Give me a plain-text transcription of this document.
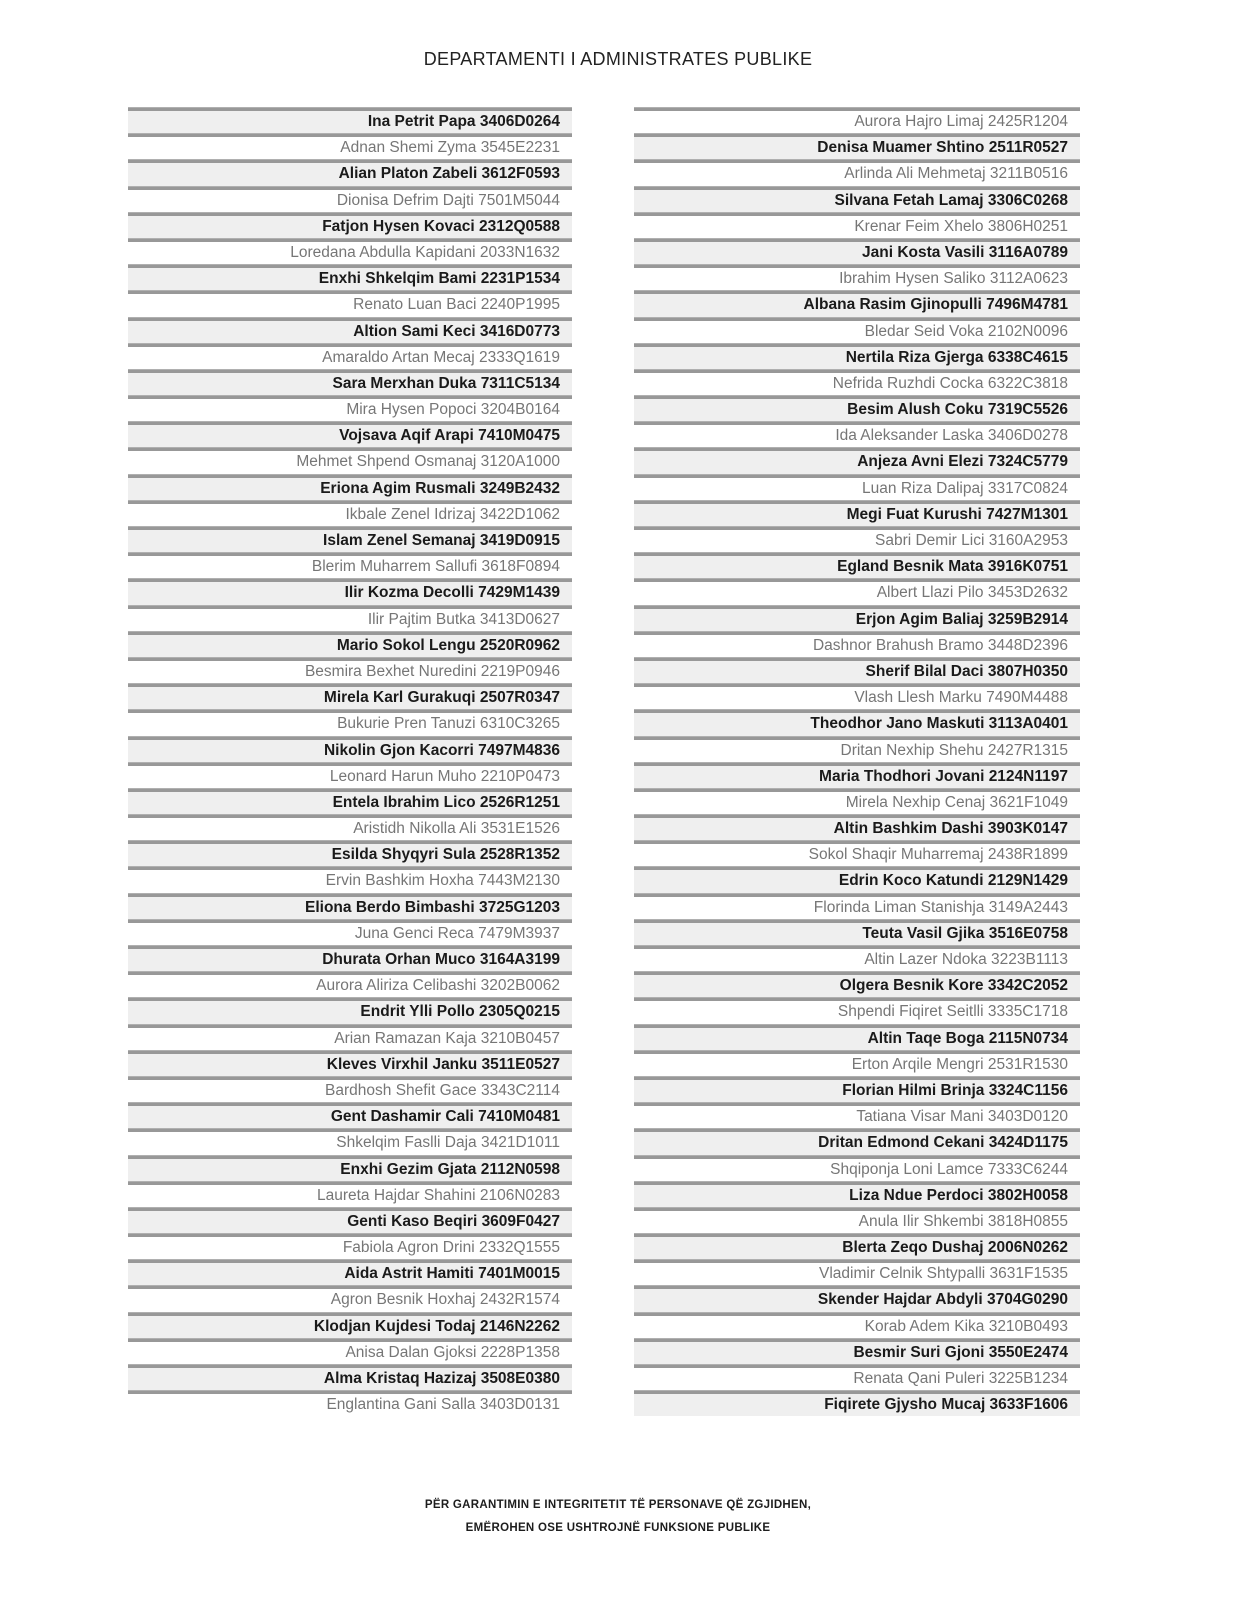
DEPARTAMENTI I ADMINISTRATES PUBLIKE
Ina Petrit Papa 3406D0264
Adnan Shemi Zyma 3545E2231
Alian Platon Zabeli 3612F0593
Dionisa Defrim Dajti 7501M5044
Fatjon Hysen Kovaci 2312Q0588
Loredana Abdulla Kapidani 2033N1632
Enxhi Shkelqim Bami 2231P1534
Renato Luan Baci 2240P1995
Altion Sami Keci 3416D0773
Amaraldo Artan Mecaj 2333Q1619
Sara Merxhan Duka 7311C5134
Mira Hysen Popoci 3204B0164
Vojsava Aqif Arapi 7410M0475
Mehmet Shpend Osmanaj 3120A1000
Eriona Agim Rusmali 3249B2432
Ikbale Zenel Idrizaj 3422D1062
Islam Zenel Semanaj 3419D0915
Blerim Muharrem Sallufi 3618F0894
Ilir Kozma Decolli 7429M1439
Ilir Pajtim Butka 3413D0627
Mario Sokol Lengu 2520R0962
Besmira Bexhet Nuredini 2219P0946
Mirela Karl Gurakuqi 2507R0347
Bukurie Pren Tanuzi 6310C3265
Nikolin Gjon Kacorri 7497M4836
Leonard Harun Muho 2210P0473
Entela Ibrahim Lico 2526R1251
Aristidh Nikolla Ali 3531E1526
Esilda Shyqyri Sula 2528R1352
Ervin Bashkim Hoxha 7443M2130
Eliona Berdo Bimbashi 3725G1203
Juna Genci Reca 7479M3937
Dhurata Orhan Muco 3164A3199
Aurora Aliriza Celibashi 3202B0062
Endrit Ylli Pollo 2305Q0215
Arian Ramazan Kaja 3210B0457
Kleves Virxhil Janku 3511E0527
Bardhosh Shefit Gace 3343C2114
Gent Dashamir Cali 7410M0481
Shkelqim Faslli Daja 3421D1011
Enxhi Gezim Gjata 2112N0598
Laureta Hajdar Shahini 2106N0283
Genti Kaso Beqiri 3609F0427
Fabiola Agron Drini 2332Q1555
Aida Astrit Hamiti 7401M0015
Agron Besnik Hoxhaj 2432R1574
Klodjan Kujdesi Todaj 2146N2262
Anisa Dalan Gjoksi 2228P1358
Alma Kristaq Hazizaj 3508E0380
Englantina Gani Salla 3403D0131
Aurora Hajro Limaj 2425R1204
Denisa Muamer Shtino 2511R0527
Arlinda Ali Mehmetaj 3211B0516
Silvana Fetah Lamaj 3306C0268
Krenar Feim Xhelo 3806H0251
Jani Kosta Vasili 3116A0789
Ibrahim Hysen Saliko 3112A0623
Albana Rasim Gjinopulli 7496M4781
Bledar Seid Voka 2102N0096
Nertila Riza Gjerga 6338C4615
Nefrida Ruzhdi Cocka 6322C3818
Besim Alush Coku 7319C5526
Ida Aleksander Laska 3406D0278
Anjeza Avni Elezi 7324C5779
Luan Riza Dalipaj 3317C0824
Megi Fuat Kurushi 7427M1301
Sabri Demir Lici 3160A2953
Egland Besnik Mata 3916K0751
Albert Llazi Pilo 3453D2632
Erjon Agim Baliaj 3259B2914
Dashnor Brahush Bramo 3448D2396
Sherif Bilal Daci 3807H0350
Vlash Llesh Marku 7490M4488
Theodhor Jano Maskuti 3113A0401
Dritan Nexhip Shehu 2427R1315
Maria Thodhori Jovani 2124N1197
Mirela Nexhip Cenaj 3621F1049
Altin Bashkim Dashi 3903K0147
Sokol Shaqir Muharremaj 2438R1899
Edrin Koco Katundi 2129N1429
Florinda Liman Stanishja 3149A2443
Teuta Vasil Gjika 3516E0758
Altin Lazer Ndoka 3223B1113
Olgera Besnik Kore 3342C2052
Shpendi Fiqiret Seitlli 3335C1718
Altin Taqe Boga 2115N0734
Erton Arqile Mengri 2531R1530
Florian Hilmi Brinja 3324C1156
Tatiana Visar Mani 3403D0120
Dritan Edmond Cekani 3424D1175
Shqiponja Loni Lamce 7333C6244
Liza Ndue Perdoci 3802H0058
Anula Ilir Shkembi 3818H0855
Blerta Zeqo Dushaj 2006N0262
Vladimir Celnik Shtypalli 3631F1535
Skender Hajdar Abdyli 3704G0290
Korab Adem Kika 3210B0493
Besmir Suri Gjoni 3550E2474
Renata Qani Puleri 3225B1234
Fiqirete Gjysho Mucaj 3633F1606
PËR GARANTIMIN E INTEGRITETIT TË PERSONAVE QË ZGJIDHEN,
EMËROHEN OSE USHTROJNË FUNKSIONE PUBLIKE
